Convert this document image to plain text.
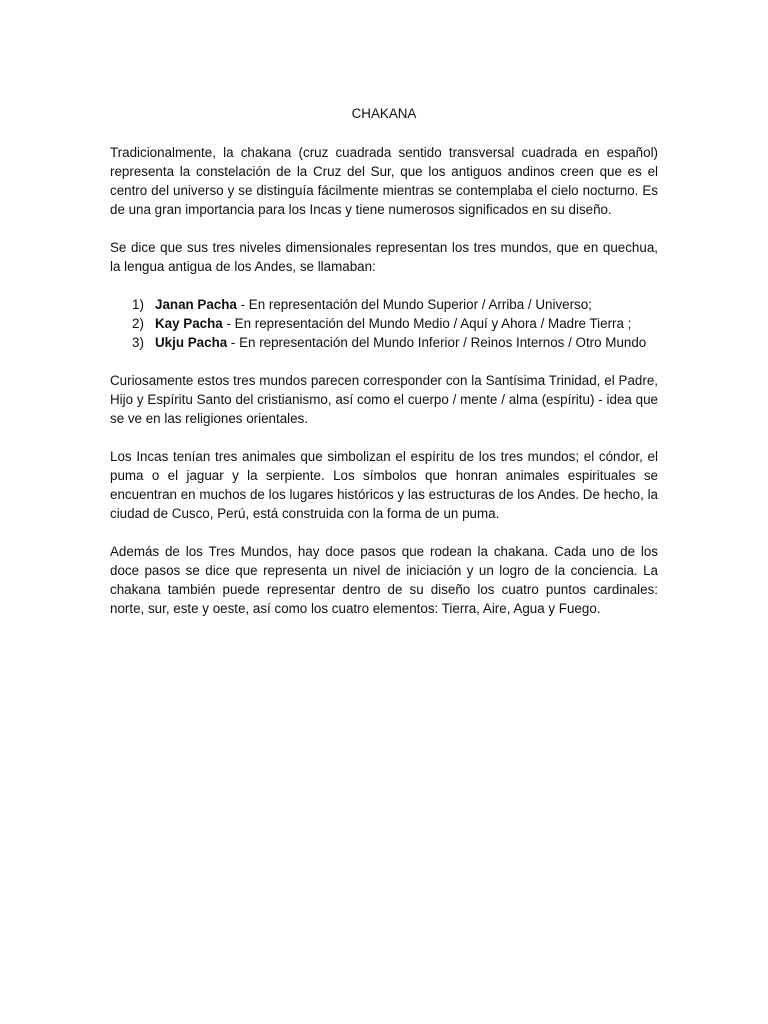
CHAKANA

Tradicionalmente, la chakana (cruz cuadrada sentido transversal cuadrada en español) representa la constelación de la Cruz del Sur, que los antiguos andinos creen que es el centro del universo y se distinguía fácilmente mientras se contemplaba el cielo nocturno. Es de una gran importancia para los Incas y tiene numerosos significados en su diseño.

Se dice que sus tres niveles dimensionales representan los tres mundos, que en quechua, la lengua antigua de los Andes, se llamaban:

1) Janan Pacha - En representación del Mundo Superior / Arriba / Universo;
2) Kay Pacha - En representación del Mundo Medio / Aquí y Ahora / Madre Tierra ;
3) Ukju Pacha - En representación del Mundo Inferior / Reinos Internos / Otro Mundo

Curiosamente estos tres mundos parecen corresponder con la Santísima Trinidad, el Padre, Hijo y Espíritu Santo del cristianismo, así como el cuerpo / mente / alma (espíritu) - idea que se ve en las religiones orientales.

Los Incas tenían tres animales que simbolizan el espíritu de los tres mundos; el cóndor, el puma o el jaguar y la serpiente. Los símbolos que honran animales espirituales se encuentran en muchos de los lugares históricos y las estructuras de los Andes. De hecho, la ciudad de Cusco, Perú, está construida con la forma de un puma.

Además de los Tres Mundos, hay doce pasos que rodean la chakana. Cada uno de los doce pasos se dice que representa un nivel de iniciación y un logro de la conciencia. La chakana también puede representar dentro de su diseño los cuatro puntos cardinales: norte, sur, este y oeste, así como los cuatro elementos: Tierra, Aire, Agua y Fuego.
